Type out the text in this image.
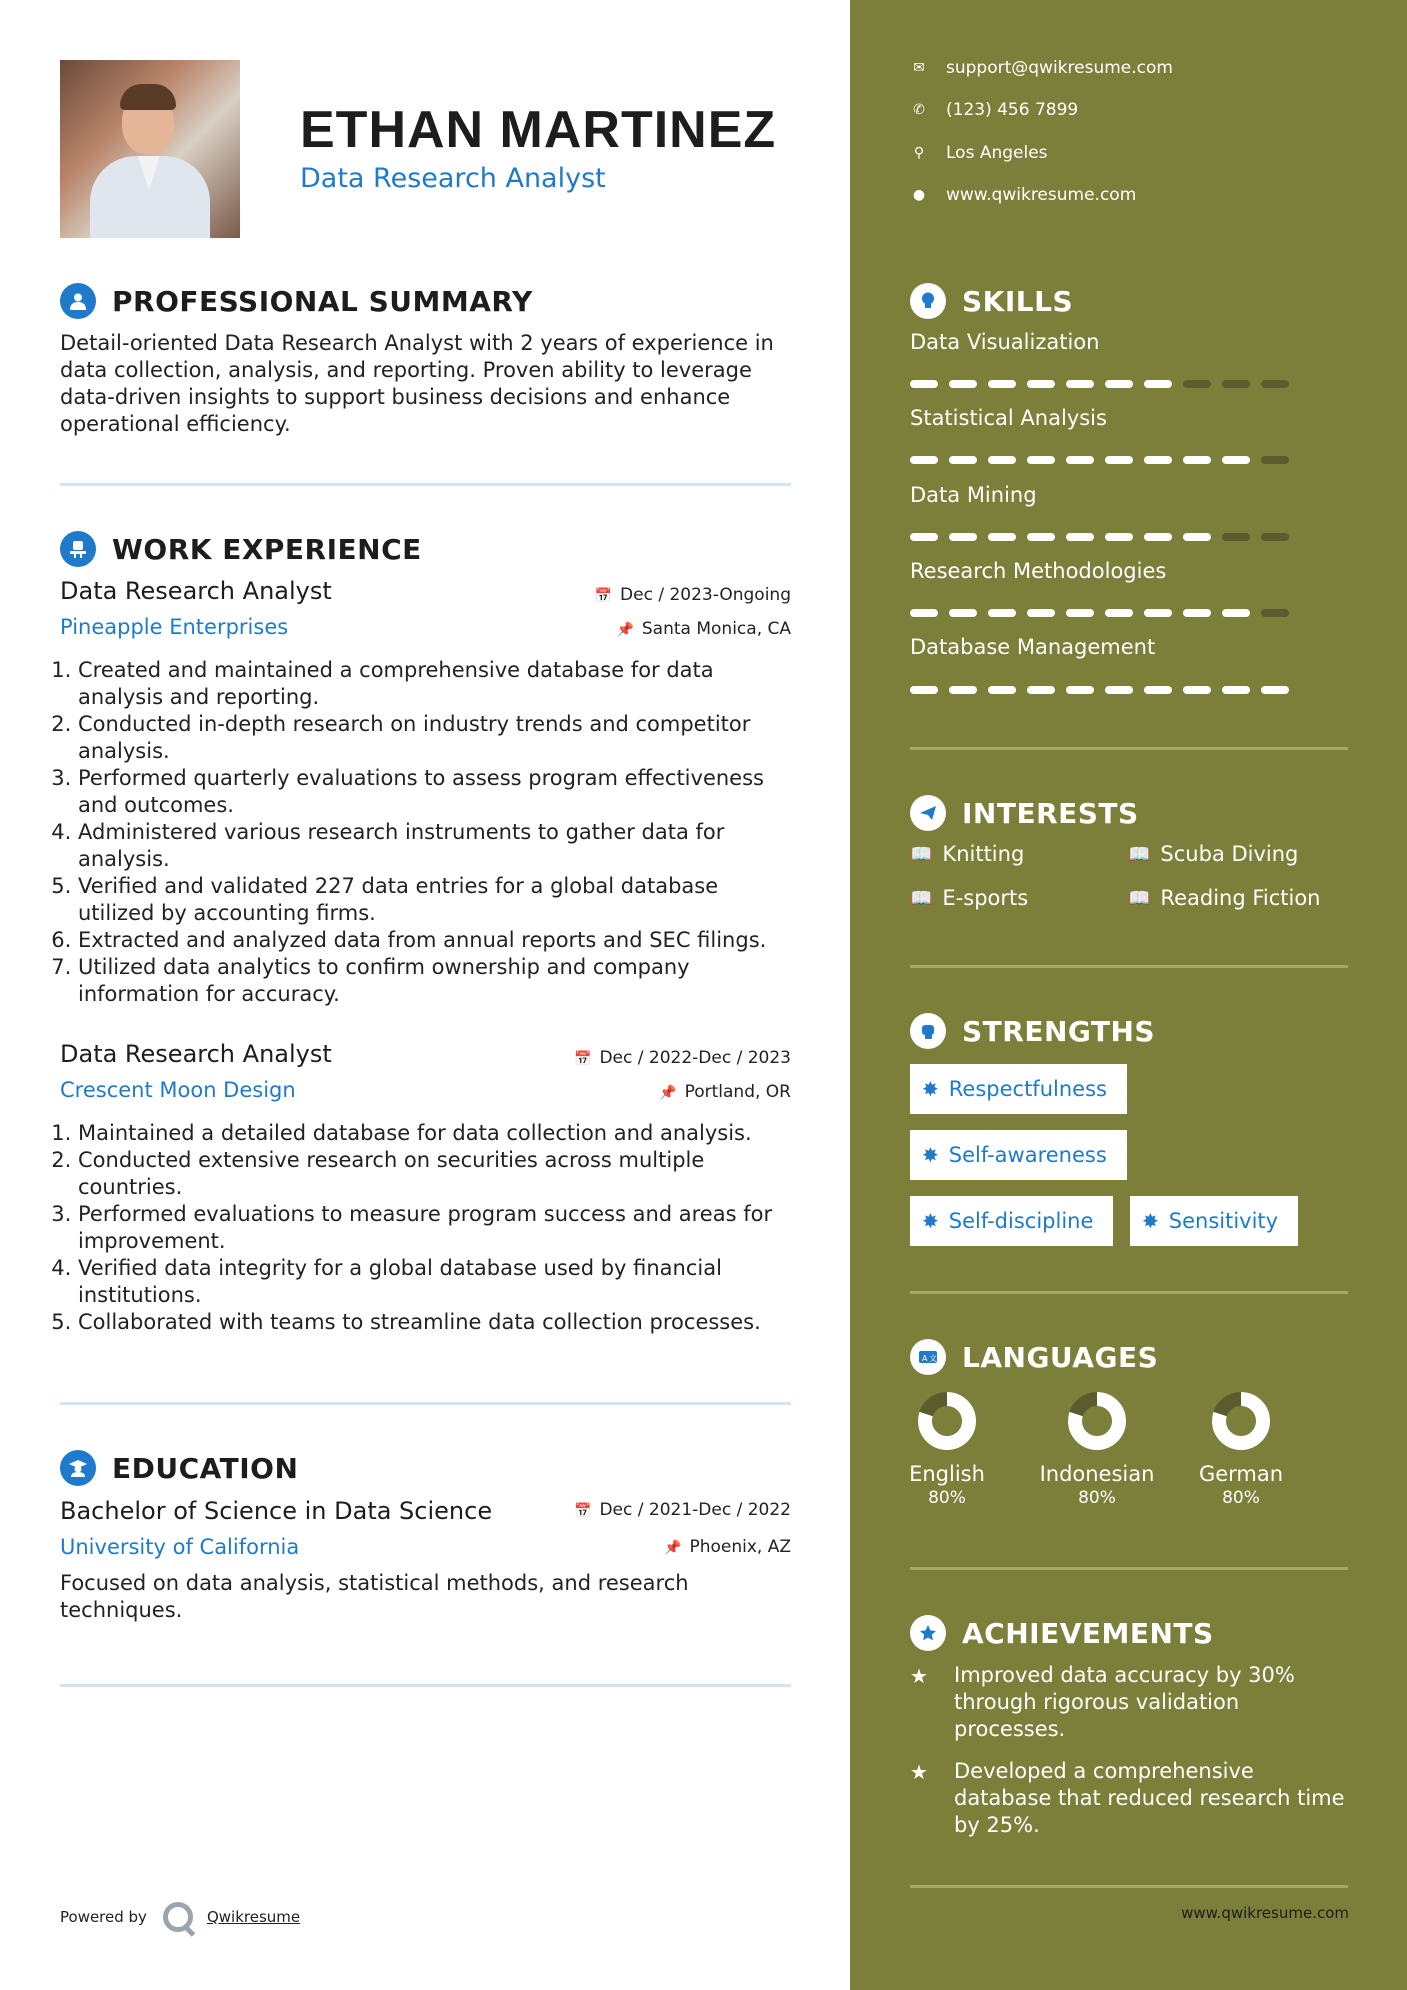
ETHAN MARTINEZ
Data Research Analyst
PROFESSIONAL SUMMARY
Detail-oriented Data Research Analyst with 2 years of experience in data collection, analysis, and reporting. Proven ability to leverage data-driven insights to support business decisions and enhance operational efficiency.
WORK EXPERIENCE
Data Research Analyst	📅 Dec / 2023-Ongoing
Pineapple Enterprises	📌 Santa Monica, CA
1. Created and maintained a comprehensive database for data analysis and reporting.
2. Conducted in-depth research on industry trends and competitor analysis.
3. Performed quarterly evaluations to assess program effectiveness and outcomes.
4. Administered various research instruments to gather data for analysis.
5. Verified and validated 227 data entries for a global database utilized by accounting firms.
6. Extracted and analyzed data from annual reports and SEC filings.
7. Utilized data analytics to confirm ownership and company information for accuracy.
Data Research Analyst	📅 Dec / 2022-Dec / 2023
Crescent Moon Design	📌 Portland, OR
1. Maintained a detailed database for data collection and analysis.
2. Conducted extensive research on securities across multiple countries.
3. Performed evaluations to measure program success and areas for improvement.
4. Verified data integrity for a global database used by financial institutions.
5. Collaborated with teams to streamline data collection processes.
EDUCATION
Bachelor of Science in Data Science	📅 Dec / 2021-Dec / 2022
University of California	📌 Phoenix, AZ
Focused on data analysis, statistical methods, and research techniques.
Powered by	Qwikresume
✉ support@qwikresume.com
✆ (123) 456 7899
⚲ Los Angeles
● www.qwikresume.com
SKILLS
Data Visualization
Statistical Analysis
Data Mining
Research Methodologies
Database Management
INTERESTS
📖 Knitting	📖 Scuba Diving
📖 E-sports	📖 Reading Fiction
STRENGTHS
✸ Respectfulness
✸ Self-awareness
✸ Self-discipline ✸ Sensitivity
A 文 LANGUAGES
English
80%
Indonesian
80%
German
80%
ACHIEVEMENTS
★	Improved data accuracy by 30% through rigorous validation processes.
★	Developed a comprehensive database that reduced research time by 25%.
www.qwikresume.com
